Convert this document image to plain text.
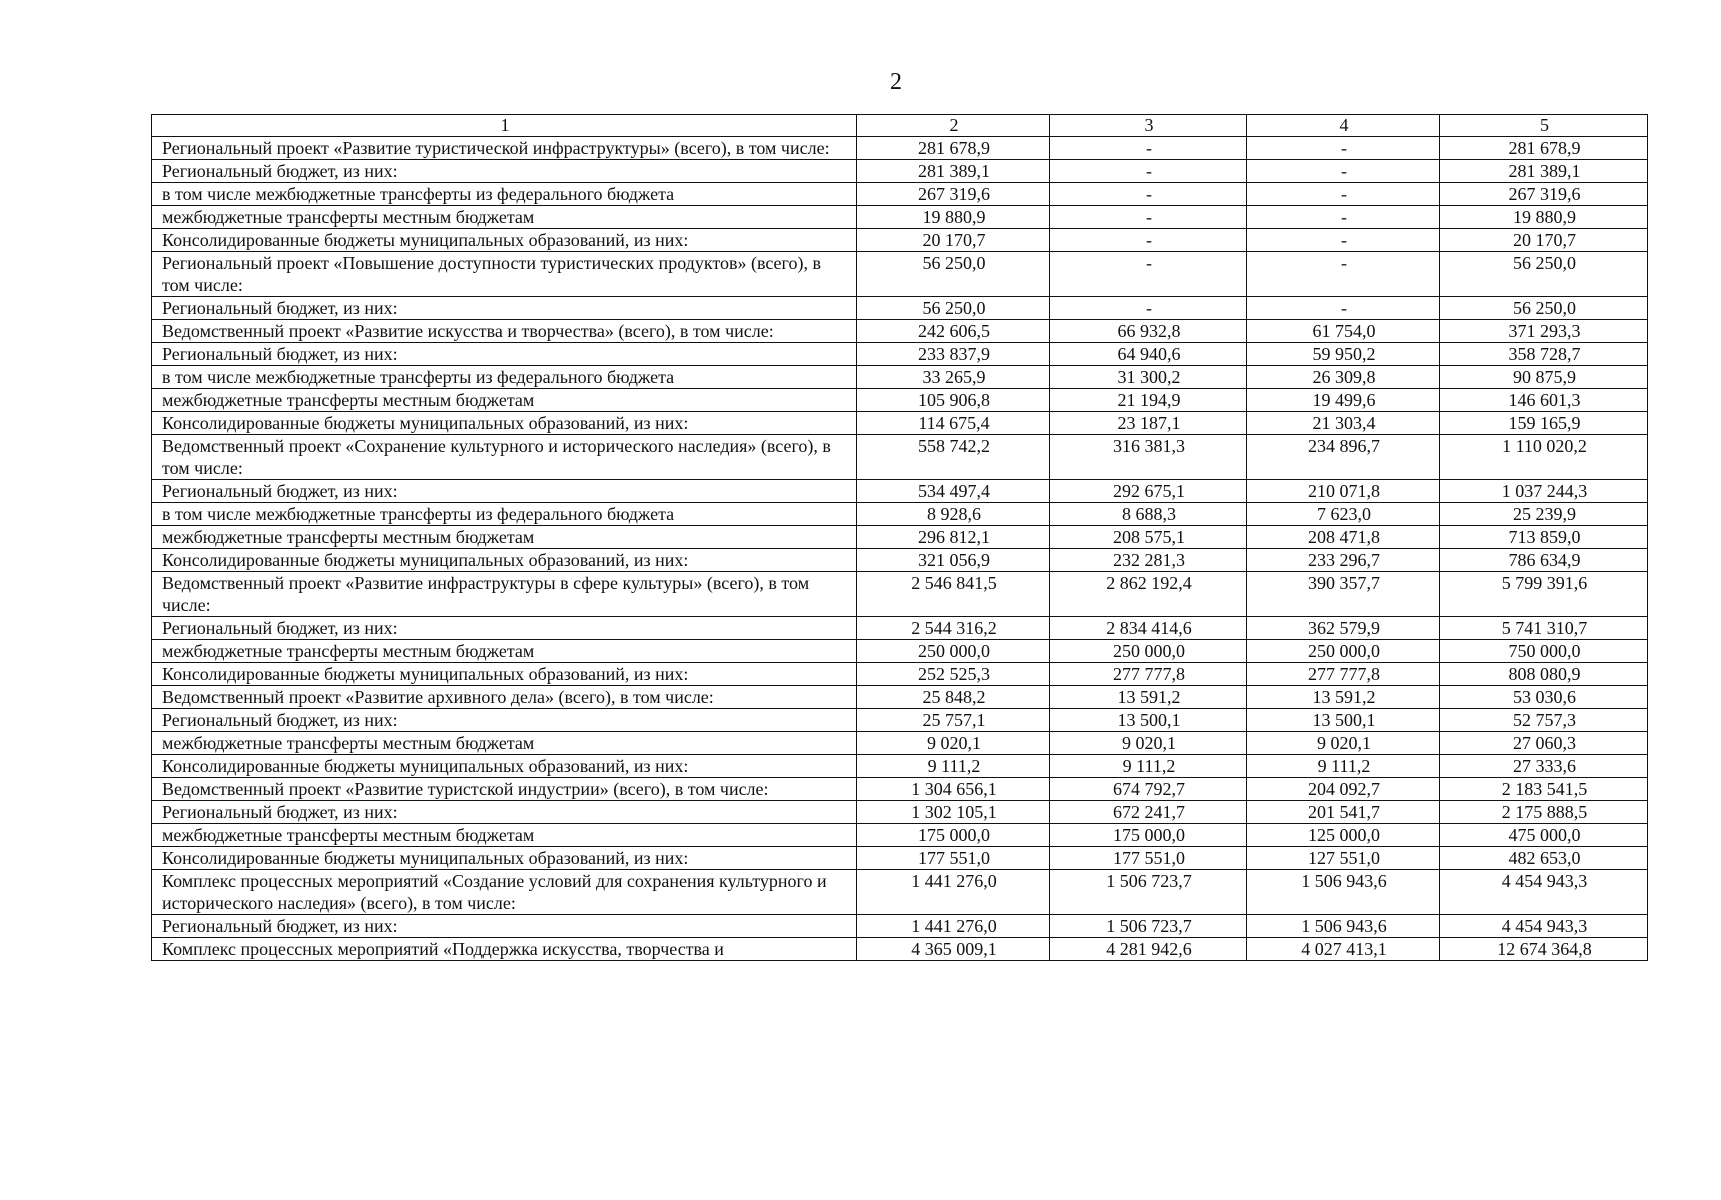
2
1	2	3	4	5
Региональный проект «Развитие туристической инфраструктуры» (всего), в том числе:	281 678,9	-	-	281 678,9
Региональный бюджет, из них:	281 389,1	-	-	281 389,1
в том числе межбюджетные трансферты из федерального бюджета	267 319,6	-	-	267 319,6
межбюджетные трансферты местным бюджетам	19 880,9	-	-	19 880,9
Консолидированные бюджеты муниципальных образований, из них:	20 170,7	-	-	20 170,7
Региональный проект «Повышение доступности туристических продуктов» (всего), в том числе:	56 250,0	-	-	56 250,0
Региональный бюджет, из них:	56 250,0	-	-	56 250,0
Ведомственный проект «Развитие искусства и творчества» (всего), в том числе:	242 606,5	66 932,8	61 754,0	371 293,3
Региональный бюджет, из них:	233 837,9	64 940,6	59 950,2	358 728,7
в том числе межбюджетные трансферты из федерального бюджета	33 265,9	31 300,2	26 309,8	90 875,9
межбюджетные трансферты местным бюджетам	105 906,8	21 194,9	19 499,6	146 601,3
Консолидированные бюджеты муниципальных образований, из них:	114 675,4	23 187,1	21 303,4	159 165,9
Ведомственный проект «Сохранение культурного и исторического наследия» (всего), в том числе:	558 742,2	316 381,3	234 896,7	1 110 020,2
Региональный бюджет, из них:	534 497,4	292 675,1	210 071,8	1 037 244,3
в том числе межбюджетные трансферты из федерального бюджета	8 928,6	8 688,3	7 623,0	25 239,9
межбюджетные трансферты местным бюджетам	296 812,1	208 575,1	208 471,8	713 859,0
Консолидированные бюджеты муниципальных образований, из них:	321 056,9	232 281,3	233 296,7	786 634,9
Ведомственный проект «Развитие инфраструктуры в сфере культуры» (всего), в том числе:	2 546 841,5	2 862 192,4	390 357,7	5 799 391,6
Региональный бюджет, из них:	2 544 316,2	2 834 414,6	362 579,9	5 741 310,7
межбюджетные трансферты местным бюджетам	250 000,0	250 000,0	250 000,0	750 000,0
Консолидированные бюджеты муниципальных образований, из них:	252 525,3	277 777,8	277 777,8	808 080,9
Ведомственный проект «Развитие архивного дела» (всего), в том числе:	25 848,2	13 591,2	13 591,2	53 030,6
Региональный бюджет, из них:	25 757,1	13 500,1	13 500,1	52 757,3
межбюджетные трансферты местным бюджетам	9 020,1	9 020,1	9 020,1	27 060,3
Консолидированные бюджеты муниципальных образований, из них:	9 111,2	9 111,2	9 111,2	27 333,6
Ведомственный проект «Развитие туристской индустрии» (всего), в том числе:	1 304 656,1	674 792,7	204 092,7	2 183 541,5
Региональный бюджет, из них:	1 302 105,1	672 241,7	201 541,7	2 175 888,5
межбюджетные трансферты местным бюджетам	175 000,0	175 000,0	125 000,0	475 000,0
Консолидированные бюджеты муниципальных образований, из них:	177 551,0	177 551,0	127 551,0	482 653,0
Комплекс процессных мероприятий «Создание условий для сохранения культурного и исторического наследия» (всего), в том числе:	1 441 276,0	1 506 723,7	1 506 943,6	4 454 943,3
Региональный бюджет, из них:	1 441 276,0	1 506 723,7	1 506 943,6	4 454 943,3
Комплекс процессных мероприятий «Поддержка искусства, творчества и	4 365 009,1	4 281 942,6	4 027 413,1	12 674 364,8
